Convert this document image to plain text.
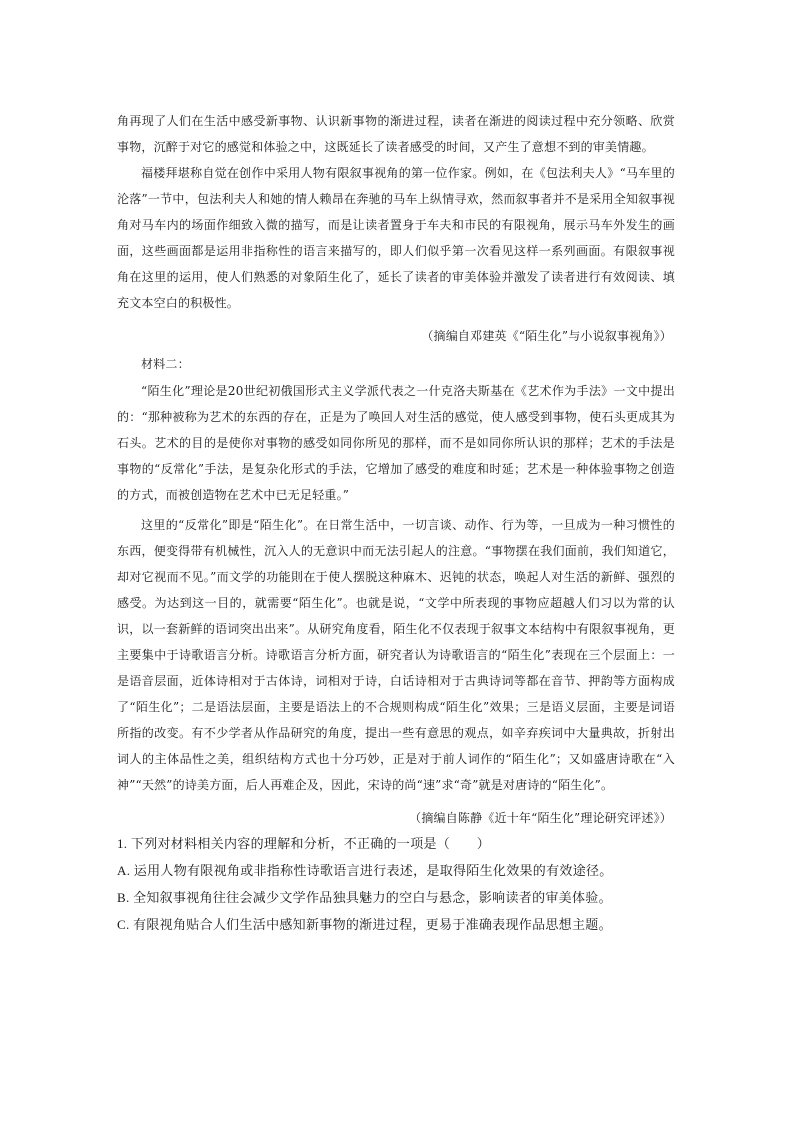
角再现了人们在生活中感受新事物、认识新事物的渐进过程，读者在渐进的阅读过程中充分领略、欣赏事物，沉醉于对它的感觉和体验之中，这既延长了读者感受的时间，又产生了意想不到的审美情趣。

福楼拜堪称自觉在创作中采用人物有限叙事视角的第一位作家。例如，在《包法利夫人》“马车里的沦落”一节中，包法利夫人和她的情人赖昂在奔驰的马车上纵情寻欢，然而叙事者并不是采用全知叙事视角对马车内的场面作细致入微的描写，而是让读者置身于车夫和市民的有限视角，展示马车外发生的画面，这些画面都是运用非指称性的语言来描写的，即人们似乎第一次看见这样一系列画面。有限叙事视角在这里的运用，使人们熟悉的对象陌生化了，延长了读者的审美体验并激发了读者进行有效阅读、填充文本空白的积极性。

（摘编自邓建英《“陌生化”与小说叙事视角》）
材料二：

“陌生化”理论是20世纪初俄国形式主义学派代表之一什克洛夫斯基在《艺术作为手法》一文中提出的：“那种被称为艺术的东西的存在，正是为了唤回人对生活的感觉，使人感受到事物，使石头更成其为石头。艺术的目的是使你对事物的感受如同你所见的那样，而不是如同你所认识的那样；艺术的手法是事物的“反常化”手法，是复杂化形式的手法，它增加了感受的难度和时延；艺术是一种体验事物之创造的方式，而被创造物在艺术中已无足轻重。”

这里的“反常化”即是“陌生化”。在日常生活中，一切言谈、动作、行为等，一旦成为一种习惯性的东西，便变得带有机械性，沉入人的无意识中而无法引起人的注意。“事物摆在我们面前，我们知道它，却对它视而不见。”而文学的功能則在于使人摆脱这种麻木、迟钝的状态，唤起人对生活的新鲜、强烈的感受。为达到这一目的，就需要“陌生化”。也就是说，“文学中所表现的事物应超越人们习以为常的认识，以一套新鲜的语词突出出来”。从研究角度看，陌生化不仅表现于叙事文本结构中有限叙事视角，更主要集中于诗歌语言分析。诗歌语言分析方面，研究者认为诗歌语言的“陌生化”表现在三个层面上：一是语音层面，近体诗相对于古体诗，词相对于诗，白话诗相对于古典诗词等都在音节、押韵等方面构成了“陌生化”；二是语法层面，主要是语法上的不合规则构成“陌生化”效果；三是语义层面，主要是词语所指的改变。有不少学者从作品研究的角度，提出一些有意思的观点，如辛弃疾词中大量典故，折射出词人的主体品性之美，组织结构方式也十分巧妙，正是对于前人词作的“陌生化”；又如盛唐诗歌在“入神”“天然”的诗美方面，后人再难企及，因此，宋诗的尚“速”求“奇”就是对唐诗的“陌生化”。

（摘编自陈静《近十年“陌生化”理论研究评述》）
1. 下列对材料相关内容的理解和分析，不正确的一项是（　　）
A. 运用人物有限视角或非指称性诗歌语言进行表述，是取得陌生化效果的有效途径。
B. 全知叙事视角往往会减少文学作品独具魅力的空白与悬念，影响读者的审美体验。
C. 有限视角贴合人们生活中感知新事物的渐进过程，更易于准确表现作品思想主题。
